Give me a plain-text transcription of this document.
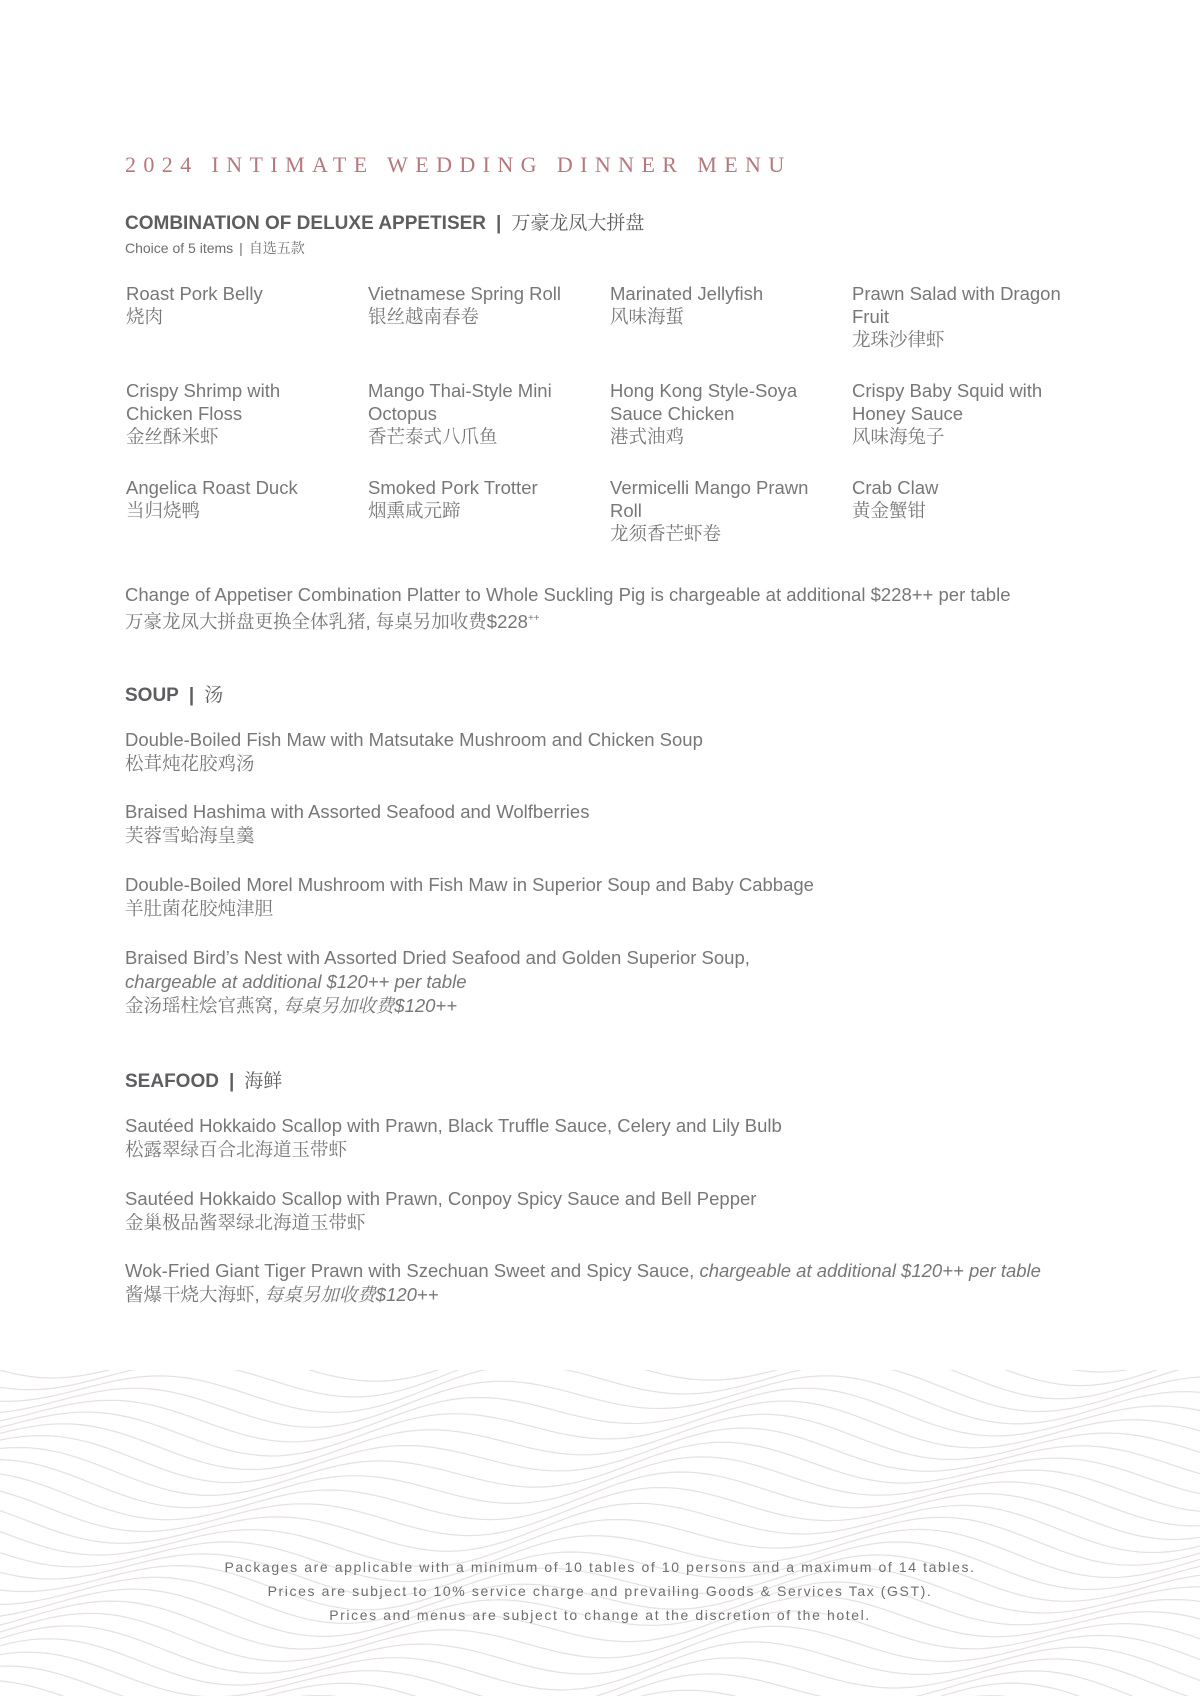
2024 INTIMATE WEDDING DINNER MENU
COMBINATION OF DELUXE APPETISER | 万豪龙凤大拼盘
Choice of 5 items | 自选五款
Roast Pork Belly
烧肉
Vietnamese Spring Roll
银丝越南春卷
Marinated Jellyfish
风味海蜇
Prawn Salad with Dragon Fruit
龙珠沙律虾
Crispy Shrimp with Chicken Floss
金丝酥米虾
Mango Thai-Style Mini Octopus
香芒泰式八爪鱼
Hong Kong Style-Soya Sauce Chicken
港式油鸡
Crispy Baby Squid with Honey Sauce
风味海兔子
Angelica Roast Duck
当归烧鸭
Smoked Pork Trotter
烟熏咸元蹄
Vermicelli Mango Prawn Roll
龙须香芒虾卷
Crab Claw
黄金蟹钳
Change of Appetiser Combination Platter to Whole Suckling Pig is chargeable at additional $228++ per table
万豪龙凤大拼盘更换全体乳猪, 每桌另加收费$228++
SOUP | 汤
Double-Boiled Fish Maw with Matsutake Mushroom and Chicken Soup
松茸炖花胶鸡汤
Braised Hashima with Assorted Seafood and Wolfberries
芙蓉雪蛤海皇羹
Double-Boiled Morel Mushroom with Fish Maw in Superior Soup and Baby Cabbage
羊肚菌花胶炖津胆
Braised Bird’s Nest with Assorted Dried Seafood and Golden Superior Soup,
chargeable at additional $120++ per table
金汤瑶柱烩官燕窝, 每桌另加收费$120++
SEAFOOD | 海鲜
Sautéed Hokkaido Scallop with Prawn, Black Truffle Sauce, Celery and Lily Bulb
松露翠绿百合北海道玉带虾
Sautéed Hokkaido Scallop with Prawn, Conpoy Spicy Sauce and Bell Pepper
金巢极品酱翠绿北海道玉带虾
Wok-Fried Giant Tiger Prawn with Szechuan Sweet and Spicy Sauce, chargeable at additional $120++ per table
酱爆干烧大海虾, 每桌另加收费$120++
Packages are applicable with a minimum of 10 tables of 10 persons and a maximum of 14 tables.
Prices are subject to 10% service charge and prevailing Goods & Services Tax (GST).
Prices and menus are subject to change at the discretion of the hotel.
